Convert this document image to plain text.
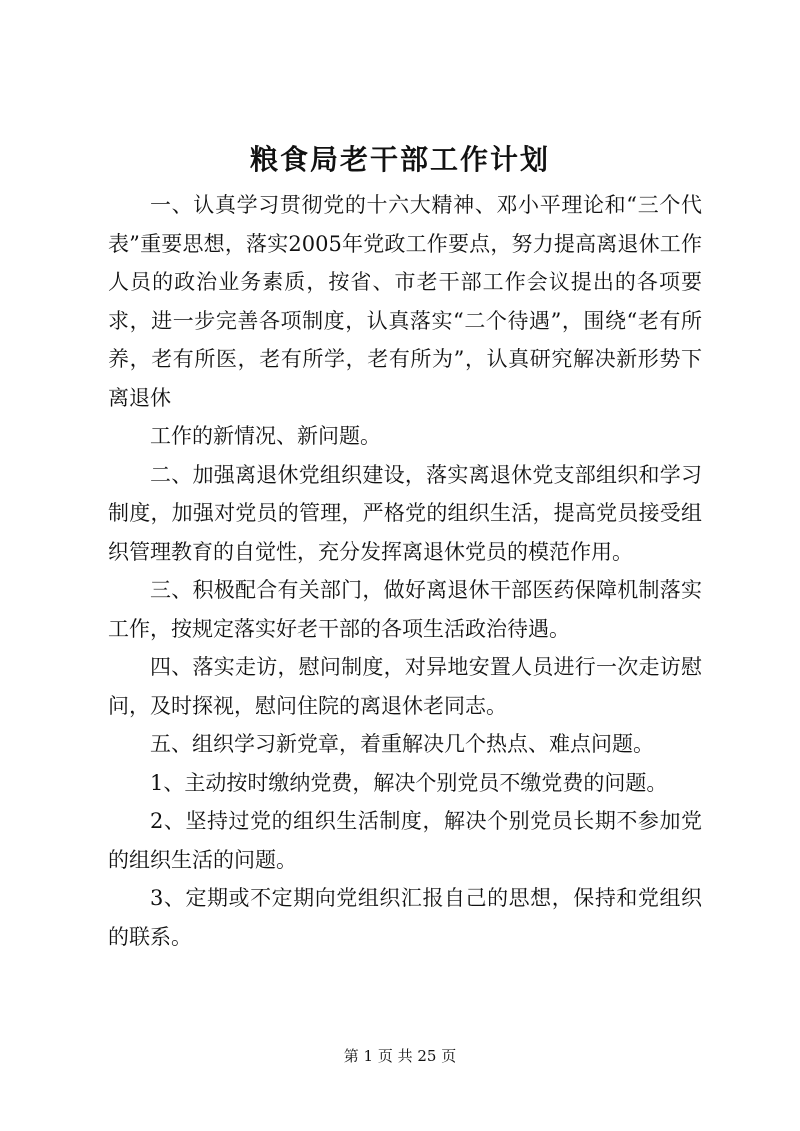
粮食局老干部工作计划

一、认真学习贯彻党的十六大精神、邓小平理论和“三个代表”重要思想，落实2005年党政工作要点，努力提高离退休工作人员的政治业务素质，按省、市老干部工作会议提出的各项要求，进一步完善各项制度，认真落实“二个待遇”，围绕“老有所养，老有所医，老有所学，老有所为”，认真研究解决新形势下离退休

工作的新情况、新问题。

二、加强离退休党组织建设，落实离退休党支部组织和学习制度，加强对党员的管理，严格党的组织生活，提高党员接受组织管理教育的自觉性，充分发挥离退休党员的模范作用。

三、积极配合有关部门，做好离退休干部医药保障机制落实工作，按规定落实好老干部的各项生活政治待遇。

四、落实走访，慰问制度，对异地安置人员进行一次走访慰问，及时探视，慰问住院的离退休老同志。

五、组织学习新党章，着重解决几个热点、难点问题。

1、主动按时缴纳党费，解决个别党员不缴党费的问题。

2、坚持过党的组织生活制度，解决个别党员长期不参加党的组织生活的问题。

3、定期或不定期向党组织汇报自己的思想，保持和党组织的联系。

第 1 页 共 25 页
